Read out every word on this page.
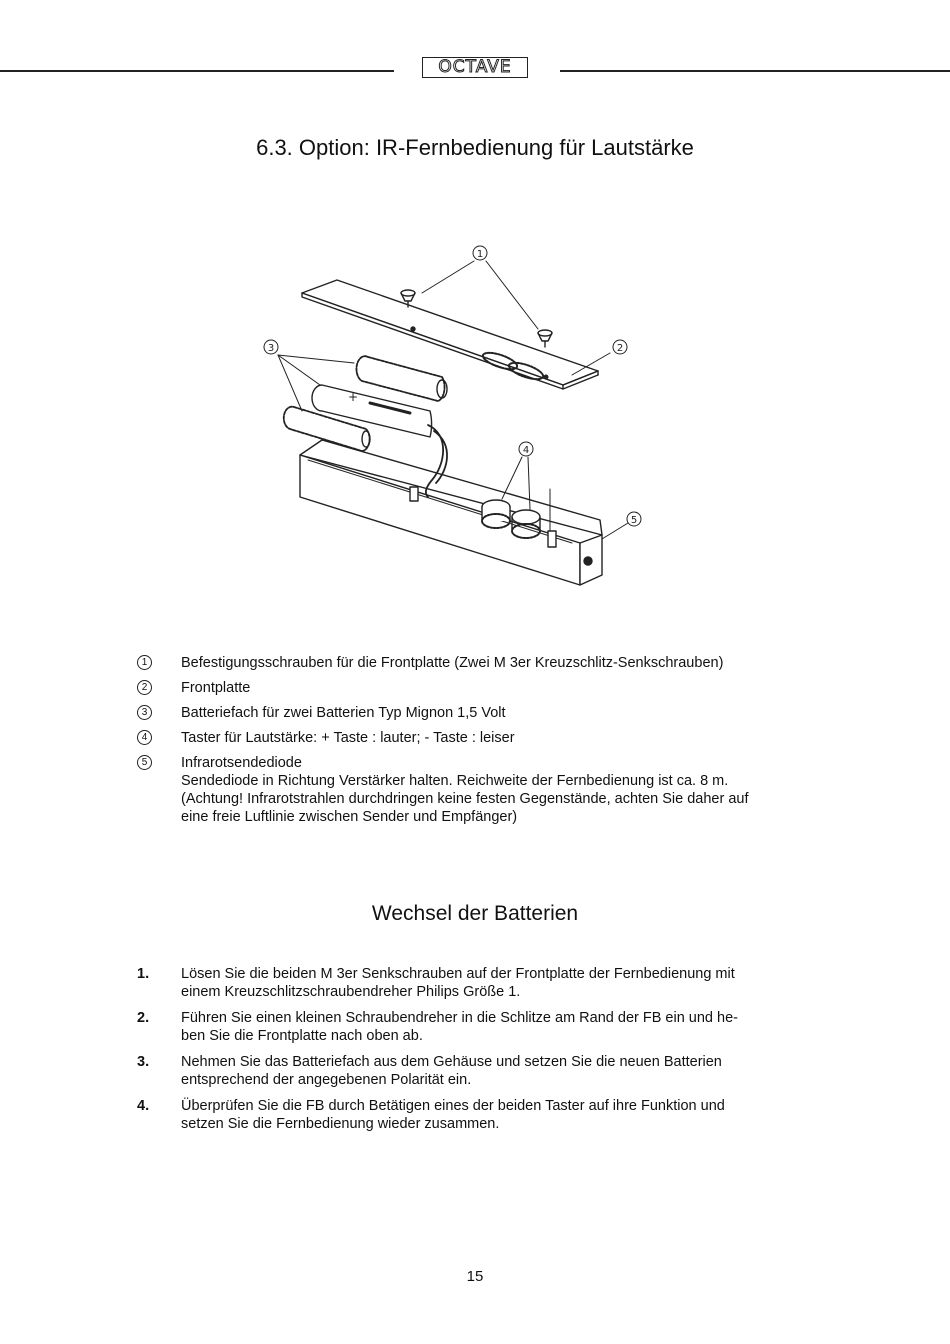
OCTAVE
6.3. Option: IR-Fernbedienung für Lautstärke
+
1
2
3
4
5
1	Befestigungsschrauben für die Frontplatte (Zwei M 3er Kreuzschlitz-Senkschrauben)
2	Frontplatte
3	Batteriefach für zwei Batterien Typ Mignon 1,5 Volt
4	Taster für Lautstärke: + Taste : lauter; - Taste : leiser
5	Infrarotsendediode
Sendediode in Richtung Verstärker halten. Reichweite der Fernbedienung ist ca. 8 m.
(Achtung! Infrarotstrahlen durchdringen keine festen Gegenstände, achten Sie daher auf
eine freie Luftlinie zwischen Sender und Empfänger)
Wechsel der Batterien
1.	Lösen Sie die beiden M 3er Senkschrauben auf der Frontplatte der Fernbedienung mit
einem Kreuzschlitzschraubendreher Philips Größe 1.
2.	Führen Sie einen kleinen Schraubendreher in die Schlitze am Rand der FB ein und he-
ben Sie die Frontplatte nach oben ab.
3.	Nehmen Sie das Batteriefach aus dem Gehäuse und setzen Sie die neuen Batterien
entsprechend der angegebenen Polarität ein.
4.	Überprüfen Sie die FB durch Betätigen eines der beiden Taster auf ihre Funktion und
setzen Sie die Fernbedienung wieder zusammen.
15
